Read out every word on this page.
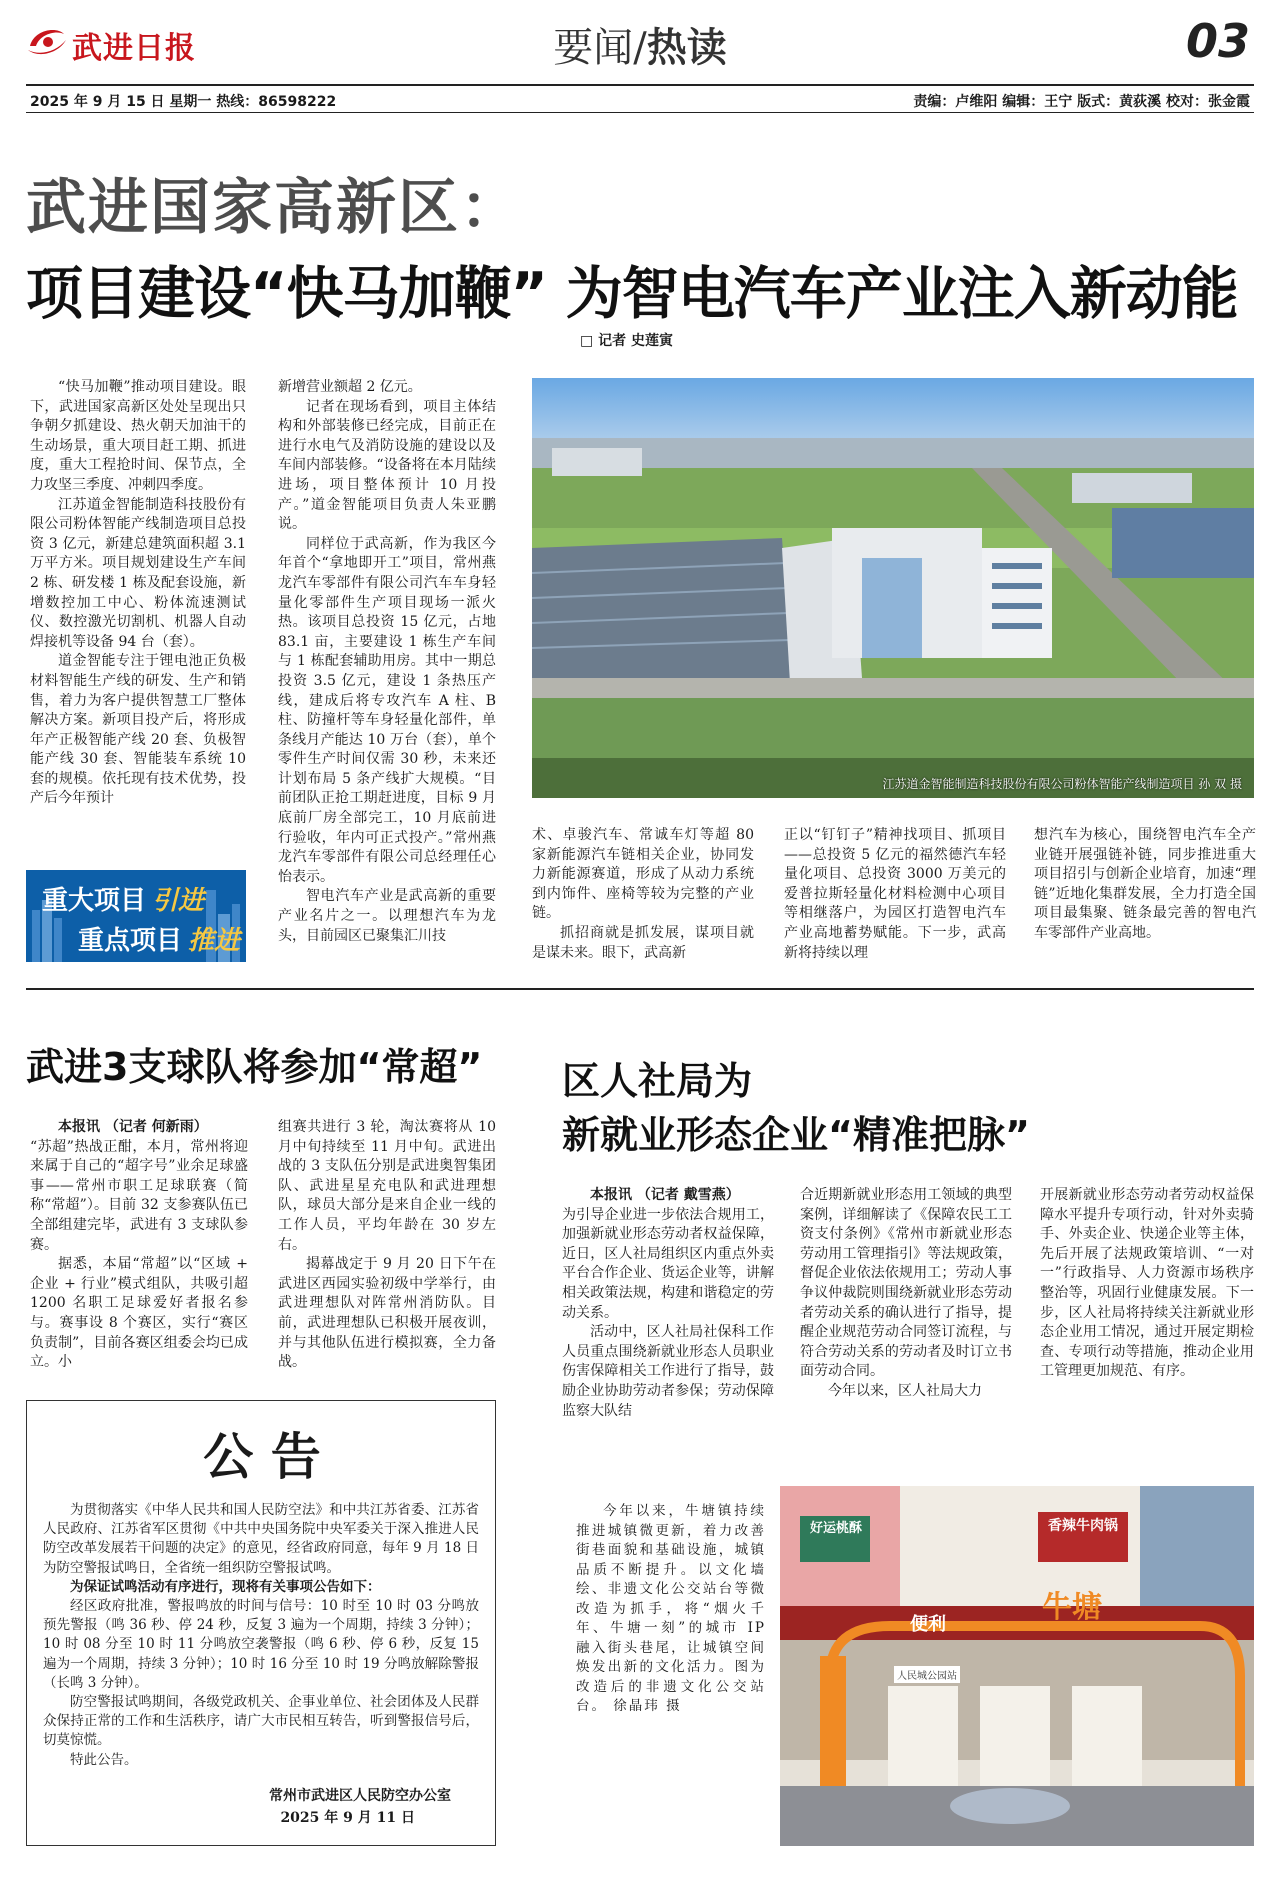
武进日报	要闻/热读	03
2025 年 9 月 15 日 星期一 热线：86598222	责编：卢维阳 编辑：王宁 版式：黄荻溪 校对：张金霞
武进国家高新区：
项目建设“快马加鞭” 为智电汽车产业注入新动能
□ 记者 史莲寅

“快马加鞭”推动项目建设。眼下，武进国家高新区处处呈现出只争朝夕抓建设、热火朝天加油干的生动场景，重大项目赶工期、抓进度，重大工程抢时间、保节点，全力攻坚三季度、冲刺四季度。

江苏道金智能制造科技股份有限公司粉体智能产线制造项目总投资 3 亿元，新建总建筑面积超 3.1 万平方米。项目规划建设生产车间 2 栋、研发楼 1 栋及配套设施，新增数控加工中心、粉体流速测试仪、数控激光切割机、机器人自动焊接机等设备 94 台（套）。

道金智能专注于锂电池正负极材料智能生产线的研发、生产和销售，着力为客户提供智慧工厂整体解决方案。新项目投产后，将形成年产正极智能产线 20 套、负极智能产线 30 套、智能装车系统 10 套的规模。依托现有技术优势，投产后今年预计

新增营业额超 2 亿元。

记者在现场看到，项目主体结构和外部装修已经完成，目前正在进行水电气及消防设施的建设以及车间内部装修。“设备将在本月陆续进场，项目整体预计 10 月投产。”道金智能项目负责人朱亚鹏说。

同样位于武高新，作为我区今年首个“拿地即开工”项目，常州燕龙汽车零部件有限公司汽车车身轻量化零部件生产项目现场一派火热。该项目总投资 15 亿元，占地 83.1 亩，主要建设 1 栋生产车间与 1 栋配套辅助用房。其中一期总投资 3.5 亿元，建设 1 条热压产线，建成后将专攻汽车 A 柱、B 柱、防撞杆等车身轻量化部件，单条线月产能达 10 万台（套），单个零件生产时间仅需 30 秒，未来还计划布局 5 条产线扩大规模。“目前团队正抢工期赶进度，目标 9 月底前厂房全部完工，10 月底前进行验收，年内可正式投产。”常州燕龙汽车零部件有限公司总经理任心怡表示。

智电汽车产业是武高新的重要产业名片之一。以理想汽车为龙头，目前园区已聚集汇川技

重大项目 引进
重点项目 推进
江苏道金智能制造科技股份有限公司粉体智能产线制造项目 孙 双 摄

术、卓骏汽车、常诚车灯等超 80 家新能源汽车链相关企业，协同发力新能源赛道，形成了从动力系统到内饰件、座椅等较为完整的产业链。

抓招商就是抓发展，谋项目就是谋未来。眼下，武高新

正以“钉钉子”精神找项目、抓项目——总投资 5 亿元的福然德汽车轻量化项目、总投资 3000 万美元的爱普拉斯轻量化材料检测中心项目等相继落户，为园区打造智电汽车产业高地蓄势赋能。下一步，武高新将持续以理

想汽车为核心，围绕智电汽车全产业链开展强链补链，同步推进重大项目招引与创新企业培育，加速“理链”近地化集群发展，全力打造全国项目最集聚、链条最完善的智电汽车零部件产业高地。

武进3支球队将参加“常超”

本报讯 （记者 何新雨）

“苏超”热战正酣，本月，常州将迎来属于自己的“超字号”业余足球盛事——常州市职工足球联赛（简称“常超”）。目前 32 支参赛队伍已全部组建完毕，武进有 3 支球队参赛。

据悉，本届“常超”以“区域 + 企业 + 行业”模式组队，共吸引超 1200 名职工足球爱好者报名参与。赛事设 8 个赛区，实行“赛区负责制”，目前各赛区组委会均已成立。小

组赛共进行 3 轮，淘汰赛将从 10 月中旬持续至 11 月中旬。武进出战的 3 支队伍分别是武进奥智集团队、武进星星充电队和武进理想队，球员大部分是来自企业一线的工作人员，平均年龄在 30 岁左右。

揭幕战定于 9 月 20 日下午在武进区西园实验初级中学举行，由武进理想队对阵常州消防队。目前，武进理想队已积极开展夜训，并与其他队伍进行模拟赛，全力备战。

公 告

为贯彻落实《中华人民共和国人民防空法》和中共江苏省委、江苏省人民政府、江苏省军区贯彻《中共中央国务院中央军委关于深入推进人民防空改革发展若干问题的决定》的意见，经省政府同意，每年 9 月 18 日为防空警报试鸣日，全省统一组织防空警报试鸣。

为保证试鸣活动有序进行，现将有关事项公告如下：

经区政府批准，警报鸣放的时间与信号：10 时至 10 时 03 分鸣放预先警报（鸣 36 秒、停 24 秒，反复 3 遍为一个周期，持续 3 分钟）；10 时 08 分至 10 时 11 分鸣放空袭警报（鸣 6 秒、停 6 秒，反复 15 遍为一个周期，持续 3 分钟）；10 时 16 分至 10 时 19 分鸣放解除警报（长鸣 3 分钟）。

防空警报试鸣期间，各级党政机关、企事业单位、社会团体及人民群众保持正常的工作和生活秩序，请广大市民相互转告，听到警报信号后，切莫惊慌。

特此公告。

常州市武进区人民防空办公室
2025 年 9 月 11 日
区人社局为
新就业形态企业“精准把脉”

本报讯 （记者 戴雪燕）

为引导企业进一步依法合规用工，加强新就业形态劳动者权益保障，近日，区人社局组织区内重点外卖平台合作企业、货运企业等，讲解相关政策法规，构建和谐稳定的劳动关系。

活动中，区人社局社保科工作人员重点围绕新就业形态人员职业伤害保障相关工作进行了指导，鼓励企业协助劳动者参保；劳动保障监察大队结

合近期新就业形态用工领域的典型案例，详细解读了《保障农民工工资支付条例》《常州市新就业形态劳动用工管理指引》等法规政策，督促企业依法依规用工；劳动人事争议仲裁院则围绕新就业形态劳动者劳动关系的确认进行了指导，提醒企业规范劳动合同签订流程，与符合劳动关系的劳动者及时订立书面劳动合同。

今年以来，区人社局大力

开展新就业形态劳动者劳动权益保障水平提升专项行动，针对外卖骑手、外卖企业、快递企业等主体，先后开展了法规政策培训、“一对一”行政指导、人力资源市场秩序整治等，巩固行业健康发展。下一步，区人社局将持续关注新就业形态企业用工情况，通过开展定期检查、专项行动等措施，推动企业用工管理更加规范、有序。

今年以来，牛塘镇持续推进城镇微更新，着力改善街巷面貌和基础设施，城镇品质不断提升。以文化墙绘、非遗文化公交站台等微改造为抓手，将“烟火千年、牛塘一刻”的城市 IP 融入街头巷尾，让城镇空间焕发出新的文化活力。图为改造后的非遗文化公交站台。 徐晶玮 摄

好运桃酥	香辣牛肉锅
便利	牛塘
人民城公园站
